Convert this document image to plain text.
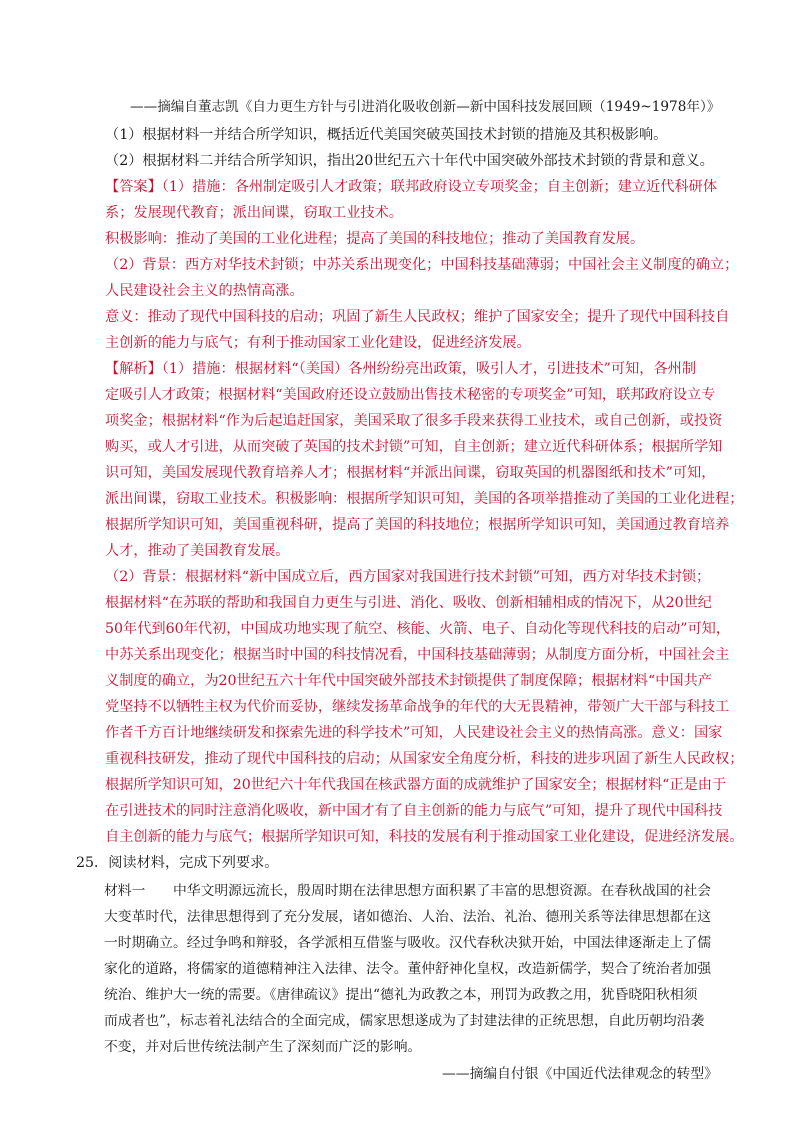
——摘编自董志凯《自力更生方针与引进消化吸收创新—新中国科技发展回顾（1949~1978年）》
（1）根据材料一并结合所学知识，概括近代美国突破英国技术封锁的措施及其积极影响。
（2）根据材料二并结合所学知识，指出20世纪五六十年代中国突破外部技术封锁的背景和意义。
【答案】（1）措施：各州制定吸引人才政策；联邦政府设立专项奖金；自主创新；建立近代科研体
系；发展现代教育；派出间谍，窃取工业技术。
积极影响：推动了美国的工业化进程；提高了美国的科技地位；推动了美国教育发展。
（2）背景：西方对华技术封锁；中苏关系出现变化；中国科技基础薄弱；中国社会主义制度的确立；
人民建设社会主义的热情高涨。
意义：推动了现代中国科技的启动；巩固了新生人民政权；维护了国家安全；提升了现代中国科技自
主创新的能力与底气；有利于推动国家工业化建设，促进经济发展。
【解析】（1）措施：根据材料“（美国）各州纷纷亮出政策，吸引人才，引进技术”可知，各州制
定吸引人才政策；根据材料“美国政府还设立鼓励出售技术秘密的专项奖金”可知，联邦政府设立专
项奖金；根据材料“作为后起追赶国家，美国采取了很多手段来获得工业技术，或自己创新，或投资
购买，或人才引进，从而突破了英国的技术封锁”可知，自主创新；建立近代科研体系；根据所学知
识可知，美国发展现代教育培养人才；根据材料“并派出间谍，窃取英国的机器图纸和技术”可知，
派出间谍，窃取工业技术。积极影响：根据所学知识可知，美国的各项举措推动了美国的工业化进程；
根据所学知识可知，美国重视科研，提高了美国的科技地位；根据所学知识可知，美国通过教育培养
人才，推动了美国教育发展。
（2）背景：根据材料“新中国成立后，西方国家对我国进行技术封锁”可知，西方对华技术封锁；
根据材料“在苏联的帮助和我国自力更生与引进、消化、吸收、创新相辅相成的情况下，从20世纪
50年代到60年代初，中国成功地实现了航空、核能、火箭、电子、自动化等现代科技的启动”可知，
中苏关系出现变化；根据当时中国的科技情况看，中国科技基础薄弱；从制度方面分析，中国社会主
义制度的确立，为20世纪五六十年代中国突破外部技术封锁提供了制度保障；根据材料“中国共产
党坚持不以牺牲主权为代价而妥协，继续发扬革命战争的年代的大无畏精神，带领广大干部与科技工
作者千方百计地继续研发和探索先进的科学技术”可知，人民建设社会主义的热情高涨。意义：国家
重视科技研发，推动了现代中国科技的启动；从国家安全角度分析，科技的进步巩固了新生人民政权；
根据所学知识可知，20世纪六十年代我国在核武器方面的成就维护了国家安全；根据材料“正是由于
在引进技术的同时注意消化吸收，新中国才有了自主创新的能力与底气”可知，提升了现代中国科技
自主创新的能力与底气；根据所学知识可知，科技的发展有利于推动国家工业化建设，促进经济发展。
25．阅读材料，完成下列要求。
材料一　　中华文明源远流长，殷周时期在法律思想方面积累了丰富的思想资源。在春秋战国的社会
大变革时代，法律思想得到了充分发展，诸如德治、人治、法治、礼治、德刑关系等法律思想都在这
一时期确立。经过争鸣和辩驳，各学派相互借鉴与吸收。汉代春秋决狱开始，中国法律逐渐走上了儒
家化的道路，将儒家的道德精神注入法律、法令。董仲舒神化皇权，改造新儒学，契合了统治者加强
统治、维护大一统的需要。《唐律疏议》提出“德礼为政教之本，刑罚为政教之用，犹昏晓阳秋相须
而成者也”，标志着礼法结合的全面完成，儒家思想遂成为了封建法律的正统思想，自此历朝均沿袭
不变，并对后世传统法制产生了深刻而广泛的影响。
——摘编自付银《中国近代法律观念的转型》
